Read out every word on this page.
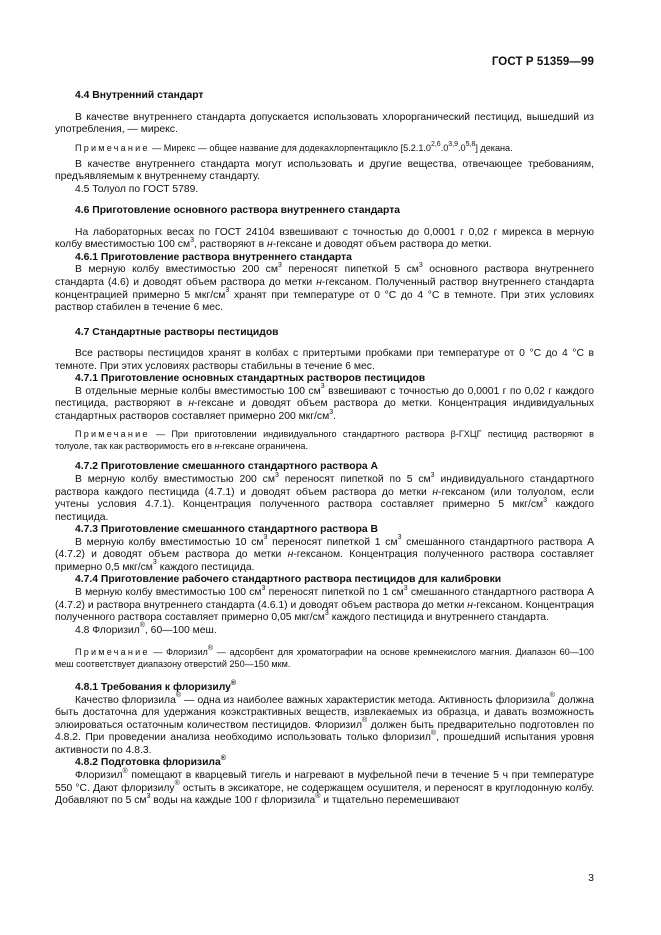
ГОСТ Р 51359—99

4.4 Внутренний стандарт

В качестве внутреннего стандарта допускается использовать хлорорганический пестицид, вышедший из употребления, — мирекс.

Примечание — Мирекс — общее название для додекахлорпентацикло [5.2.1.0$^{2,6}$.0$^{3,9}$.0$^{5,8}$] декана.

В качестве внутреннего стандарта могут использовать и другие вещества, отвечающее требованиям, предъявляемым к внутреннему стандарту.

4.5 Толуол по ГОСТ 5789.

4.6 Приготовление основного раствора внутреннего стандарта

На лабораторных весах по ГОСТ 24104 взвешивают с точностью до 0,0001 г 0,02 г мирекса в мерную колбу вместимостью 100 $см^3$, растворяют в н-гексане и доводят объем раствора до метки.

4.6.1 Приготовление раствора внутреннего стандарта

В мерную колбу вместимостью 200 $см^3$ переносят пипеткой 5 $см^3$ основного раствора внутреннего стандарта (4.6) и доводят объем раствора до метки н-гексаном. Полученный раствор внутреннего стандарта концентрацией примерно 5 мкг/$см^3$ хранят при температуре от 0 °С до 4 °С в темноте. При этих условиях раствор стабилен в течение 6 мес.

4.7 Стандартные растворы пестицидов

Все растворы пестицидов хранят в колбах с притертыми пробками при температуре от 0 °С до 4 °С в темноте. При этих условиях растворы стабильны в течение 6 мес.

4.7.1 Приготовление основных стандартных растворов пестицидов

В отдельные мерные колбы вместимостью 100 $см^3$ взвешивают с точностью до 0,0001 г по 0,02 г каждого пестицида, растворяют в н-гексане и доводят объем раствора до метки. Концентрация индивидуальных стандартных растворов составляет примерно 200 мкг/$см^3$.

Примечание — При приготовлении индивидуального стандартного раствора β-ГХЦГ пестицид растворяют в толуоле, так как растворимость его в н-гексане ограничена.

4.7.2 Приготовление смешанного стандартного раствора А

В мерную колбу вместимостью 200 $см^3$ переносят пипеткой по 5 $см^3$ индивидуального стандартного раствора каждого пестицида (4.7.1) и доводят объем раствора до метки н-гексаном (или толуолом, если учтены условия 4.7.1). Концентрация полученного раствора составляет примерно 5 мкг/$см^3$ каждого пестицида.

4.7.3 Приготовление смешанного стандартного раствора В

В мерную колбу вместимостью 10 $см^3$ переносят пипеткой 1 $см^3$ смешанного стандартного раствора А (4.7.2) и доводят объем раствора до метки н-гексаном. Концентрация полученного раствора составляет примерно 0,5 мкг/$см^3$ каждого пестицида.

4.7.4 Приготовление рабочего стандартного раствора пестицидов для калибровки

В мерную колбу вместимостью 100 $см^3$ переносят пипеткой по 1 $см^3$ смешанного стандартного раствора А (4.7.2) и раствора внутреннего стандарта (4.6.1) и доводят объем раствора до метки н-гексаном. Концентрация полученного раствора составляет примерно 0,05 мкг/$см^3$ каждого пестицида и внутреннего стандарта.

4.8 Флоризил®, 60—100 меш.

Примечание — Флоризил® — адсорбент для хроматографии на основе кремнекислого магния. Диапазон 60—100 меш соответствует диапазону отверстий 250—150 мкм.

4.8.1 Требования к флоризилу®

Качество флоризила® — одна из наиболее важных характеристик метода. Активность флоризила® должна быть достаточна для удержания коэкстрактивных веществ, извлекаемых из образца, и давать возможность элюироваться остаточным количеством пестицидов. Флоризил® должен быть предварительно подготовлен по 4.8.2. При проведении анализа необходимо использовать только флоризил®, прошедший испытания уровня активности по 4.8.3.

4.8.2 Подготовка флоризила®

Флоризил® помещают в кварцевый тигель и нагревают в муфельной печи в течение 5 ч при температуре 550 °С. Дают флоризилу® остыть в эксикаторе, не содержащем осушителя, и переносят в круглодонную колбу. Добавляют по 5 $см^3$ воды на каждые 100 г флоризила® и тщательно перемешивают

3
